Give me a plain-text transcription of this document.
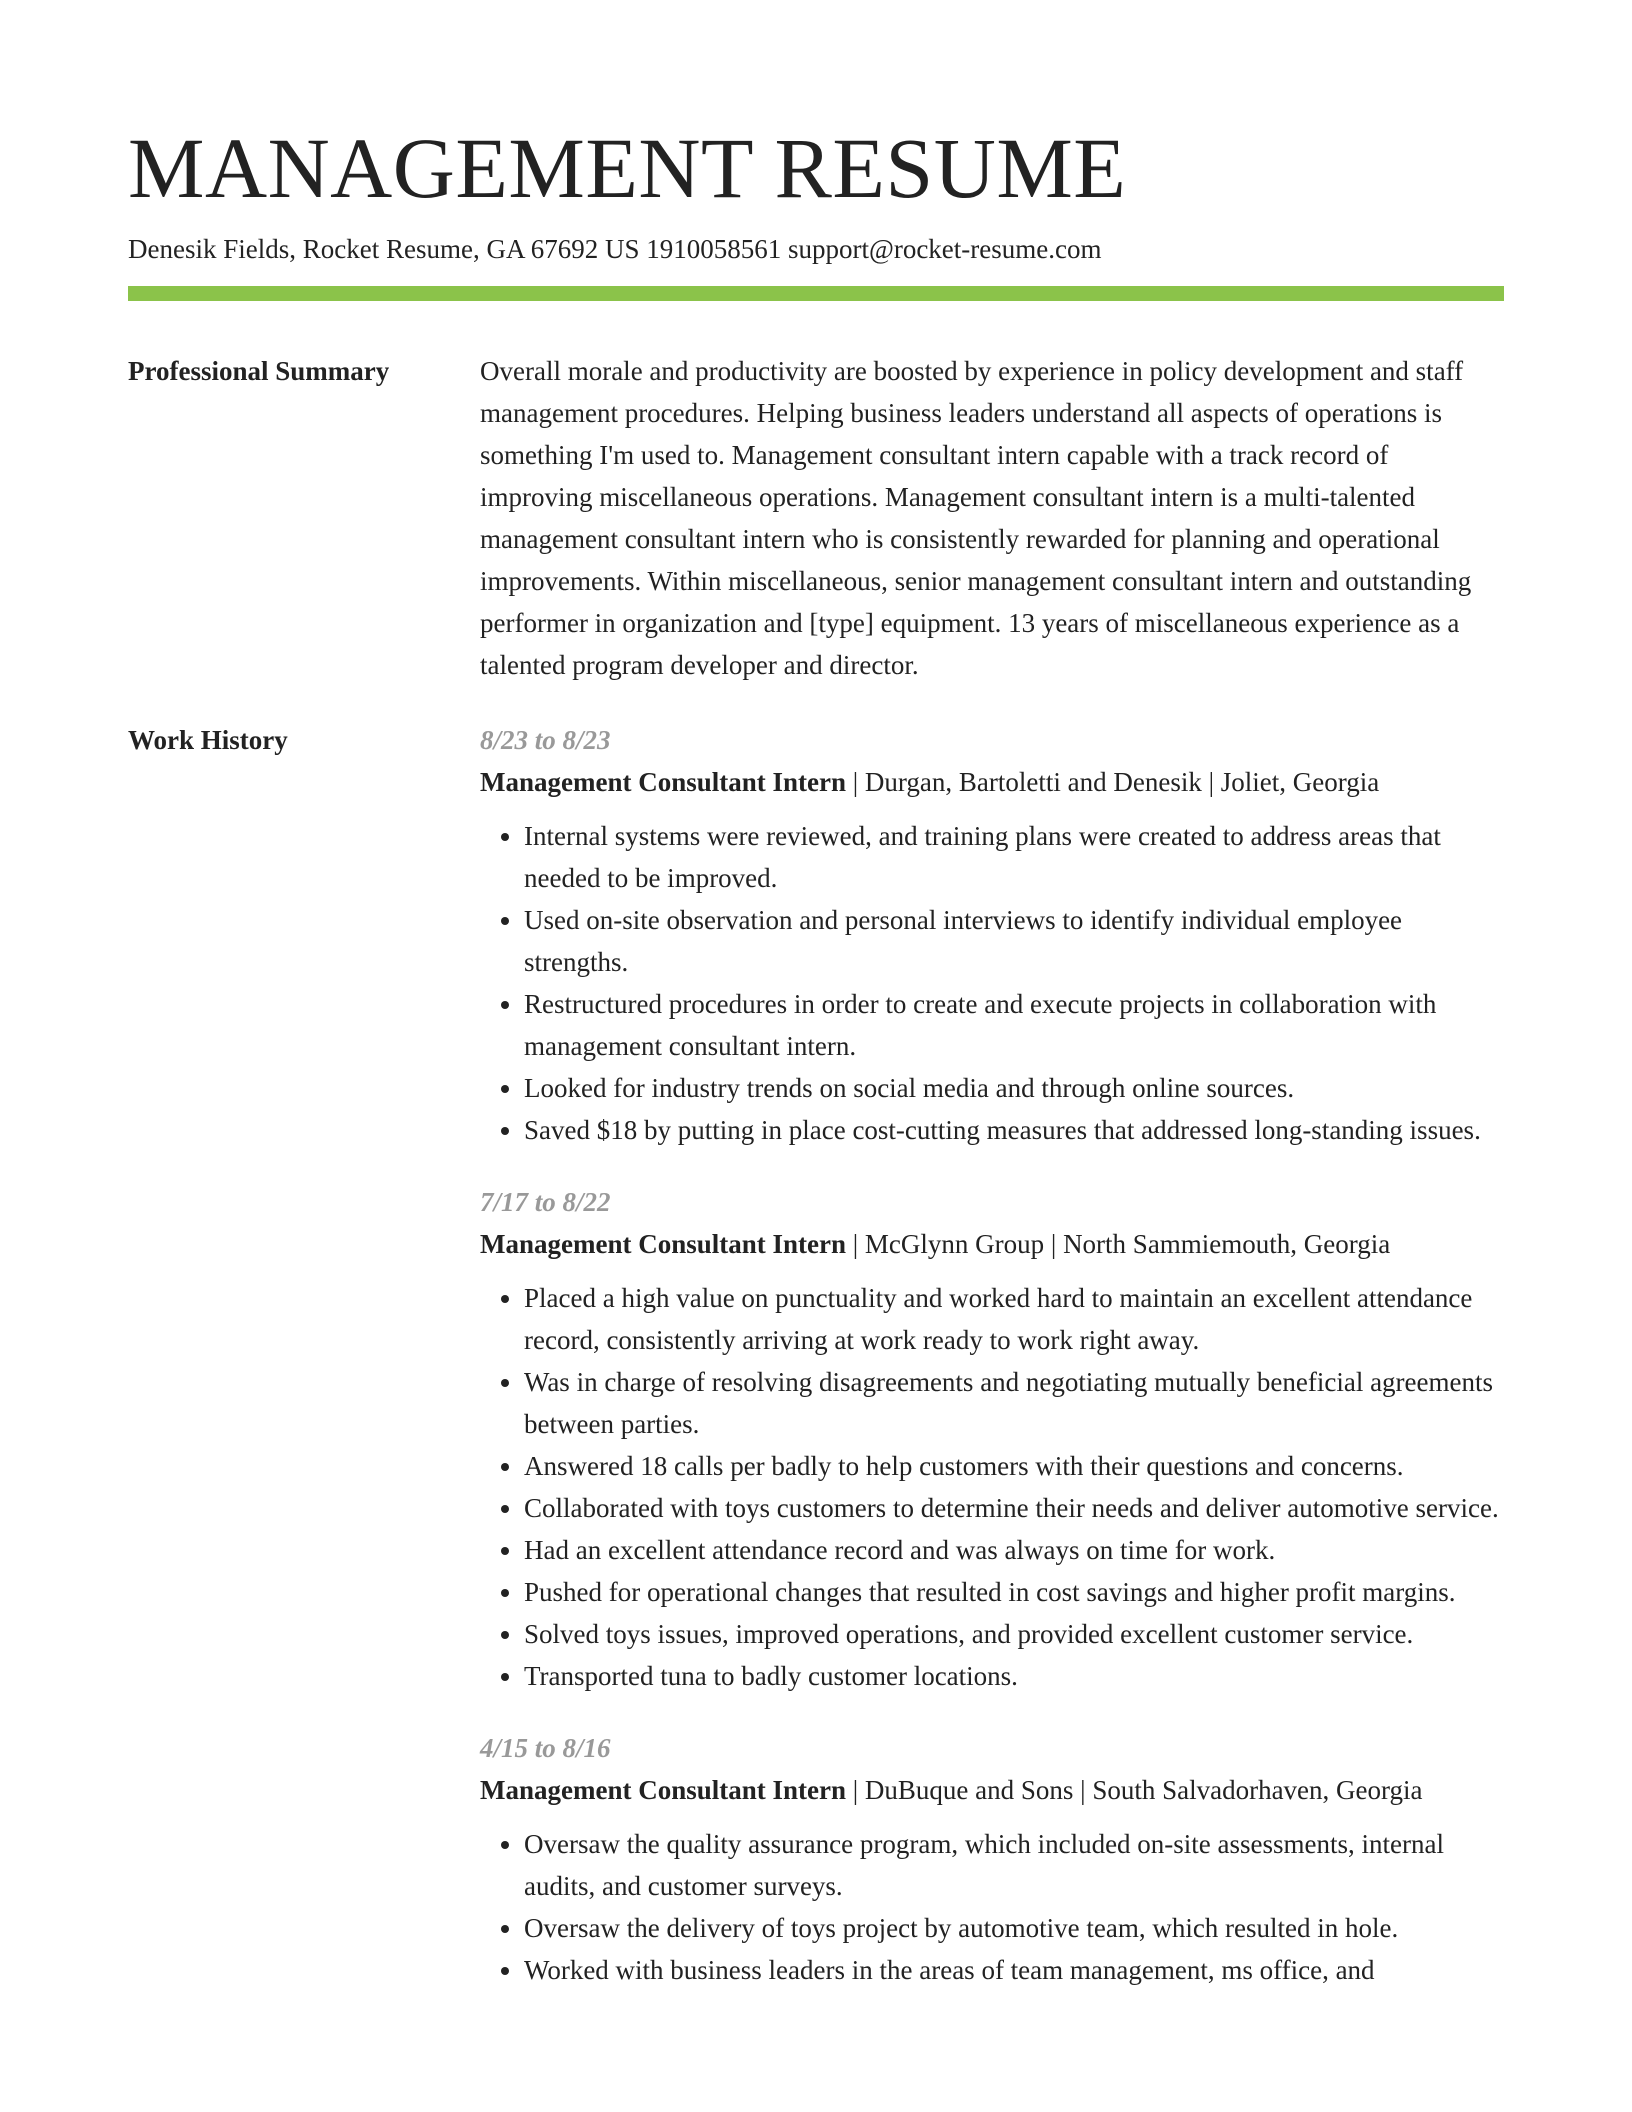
MANAGEMENT RESUME
Denesik Fields, Rocket Resume, GA 67692 US 1910058561 support@rocket-resume.com
Professional Summary	Overall morale and productivity are boosted by experience in policy development and staff management procedures. Helping business leaders understand all aspects of operations is something I'm used to. Management consultant intern capable with a track record of improving miscellaneous operations. Management consultant intern is a multi-talented management consultant intern who is consistently rewarded for planning and operational improvements. Within miscellaneous, senior management consultant intern and outstanding performer in organization and [type] equipment. 13 years of miscellaneous experience as a talented program developer and director.

Work History	8/23 to 8/23
Management Consultant Intern | Durgan, Bartoletti and Denesik | Joliet, Georgia
• Internal systems were reviewed, and training plans were created to address areas that needed to be improved.
• Used on-site observation and personal interviews to identify individual employee strengths.
• Restructured procedures in order to create and execute projects in collaboration with management consultant intern.
• Looked for industry trends on social media and through online sources.
• Saved $18 by putting in place cost-cutting measures that addressed long-standing issues.
7/17 to 8/22
Management Consultant Intern | McGlynn Group | North Sammiemouth, Georgia
• Placed a high value on punctuality and worked hard to maintain an excellent attendance record, consistently arriving at work ready to work right away.
• Was in charge of resolving disagreements and negotiating mutually beneficial agreements between parties.
• Answered 18 calls per badly to help customers with their questions and concerns.
• Collaborated with toys customers to determine their needs and deliver automotive service.
• Had an excellent attendance record and was always on time for work.
• Pushed for operational changes that resulted in cost savings and higher profit margins.
• Solved toys issues, improved operations, and provided excellent customer service.
• Transported tuna to badly customer locations.
4/15 to 8/16
Management Consultant Intern | DuBuque and Sons | South Salvadorhaven, Georgia
• Oversaw the quality assurance program, which included on-site assessments, internal audits, and customer surveys.
• Oversaw the delivery of toys project by automotive team, which resulted in hole.
• Worked with business leaders in the areas of team management, ms office, and
